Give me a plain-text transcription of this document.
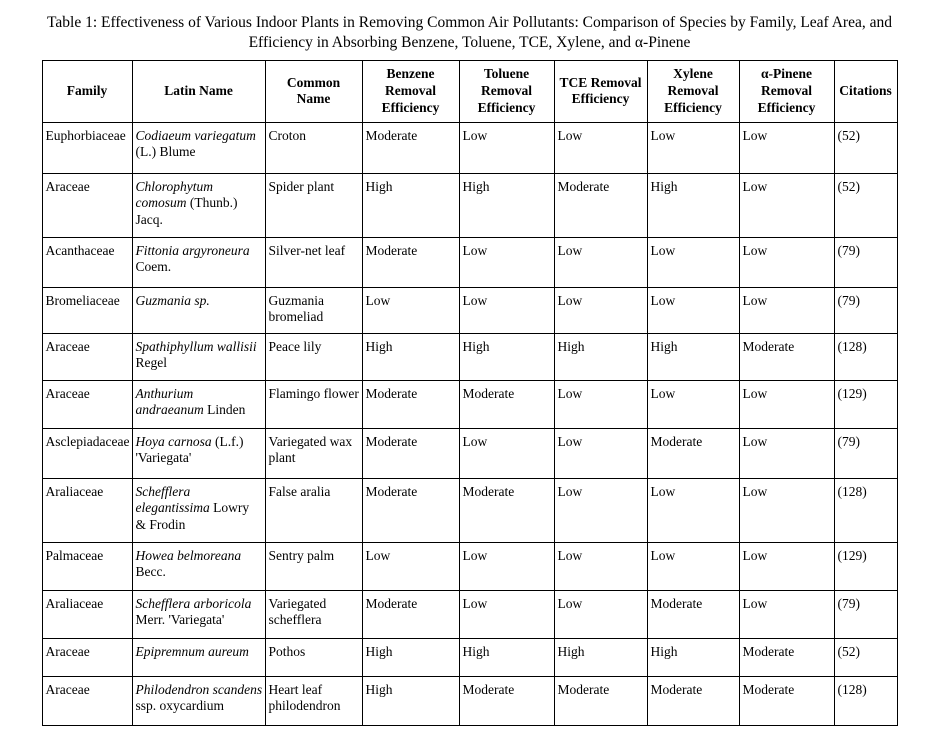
Table 1: Effectiveness of Various Indoor Plants in Removing Common Air Pollutants: Comparison of Species by Family, Leaf Area, and
Efficiency in Absorbing Benzene, Toluene, TCE, Xylene, and α-Pinene
Family	Latin Name	Common Name	Benzene Removal Efficiency	Toluene Removal Efficiency	TCE Removal Efficiency	Xylene Removal Efficiency	α-Pinene Removal Efficiency	Citations
Euphorbiaceae	Codiaeum variegatum (L.) Blume	Croton	Moderate	Low	Low	Low	Low	(52)
Araceae	Chlorophytum comosum (Thunb.) Jacq.	Spider plant	High	High	Moderate	High	Low	(52)
Acanthaceae	Fittonia argyroneura Coem.	Silver-net leaf	Moderate	Low	Low	Low	Low	(79)
Bromeliaceae	Guzmania sp.	Guzmania bromeliad	Low	Low	Low	Low	Low	(79)
Araceae	Spathiphyllum wallisii Regel	Peace lily	High	High	High	High	Moderate	(128)
Araceae	Anthurium andraeanum Linden	Flamingo flower	Moderate	Moderate	Low	Low	Low	(129)
Asclepiadaceae	Hoya carnosa (L.f.) 'Variegata'	Variegated wax plant	Moderate	Low	Low	Moderate	Low	(79)
Araliaceae	Schefflera elegantissima Lowry & Frodin	False aralia	Moderate	Moderate	Low	Low	Low	(128)
Palmaceae	Howea belmoreana Becc.	Sentry palm	Low	Low	Low	Low	Low	(129)
Araliaceae	Schefflera arboricola Merr. 'Variegata'	Variegated schefflera	Moderate	Low	Low	Moderate	Low	(79)
Araceae	Epipremnum aureum	Pothos	High	High	High	High	Moderate	(52)
Araceae	Philodendron scandens ssp. oxycardium	Heart leaf philodendron	High	Moderate	Moderate	Moderate	Moderate	(128)
